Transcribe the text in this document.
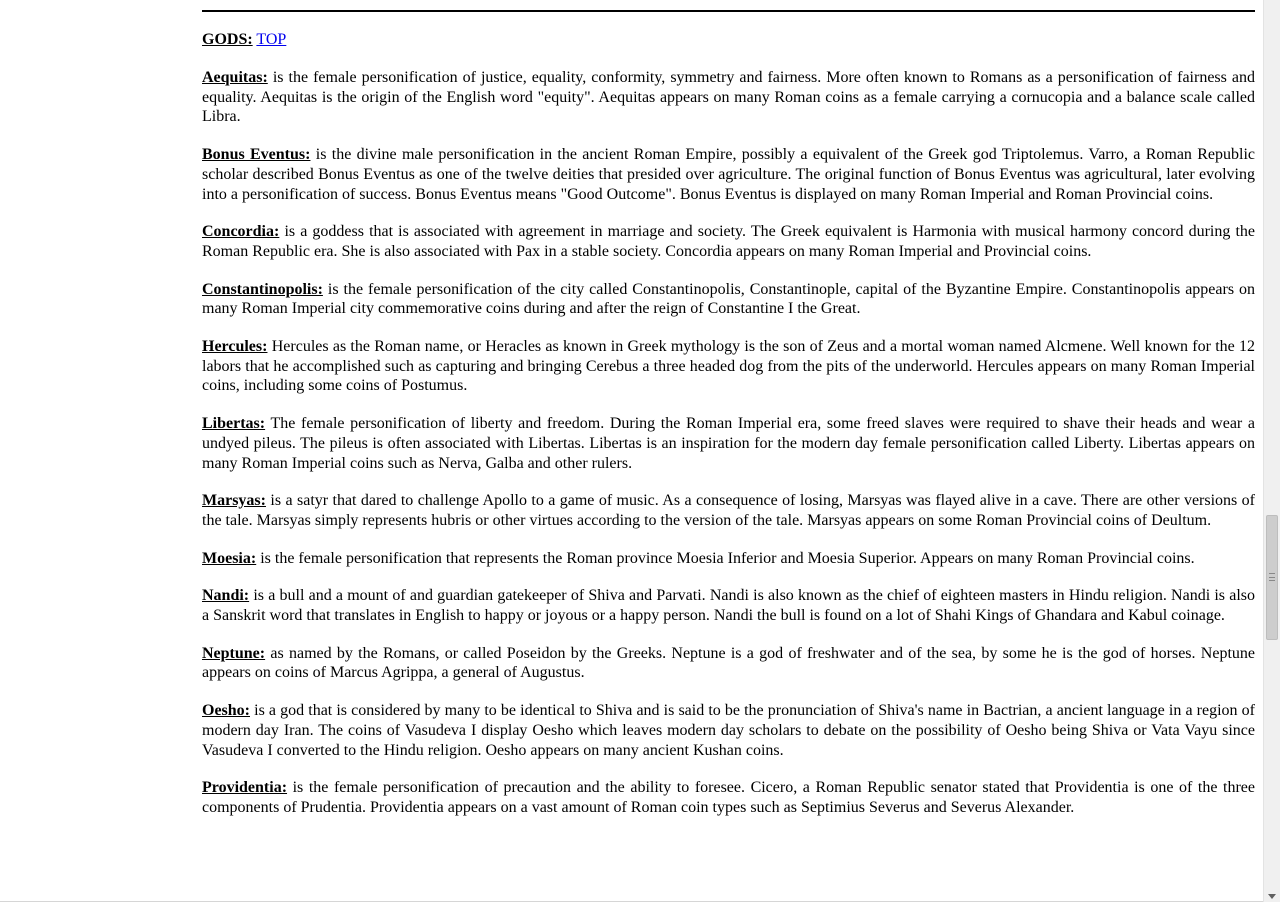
GODS: TOP

Aequitas: is the female personification of justice, equality, conformity, symmetry and fairness. More often known to Romans as a personification of fairness and equality. Aequitas is the origin of the English word "equity". Aequitas appears on many Roman coins as a female carrying a cornucopia and a balance scale called Libra.

Bonus Eventus: is the divine male personification in the ancient Roman Empire, possibly a equivalent of the Greek god Triptolemus. Varro, a Roman Republic scholar described Bonus Eventus as one of the twelve deities that presided over agriculture. The original function of Bonus Eventus was agricultural, later evolving into a personification of success. Bonus Eventus means "Good Outcome". Bonus Eventus is displayed on many Roman Imperial and Roman Provincial coins.

Concordia: is a goddess that is associated with agreement in marriage and society. The Greek equivalent is Harmonia with musical harmony concord during the Roman Republic era. She is also associated with Pax in a stable society. Concordia appears on many Roman Imperial and Provincial coins.

Constantinopolis: is the female personification of the city called Constantinopolis, Constantinople, capital of the Byzantine Empire. Constantinopolis appears on many Roman Imperial city commemorative coins during and after the reign of Constantine I the Great.

Hercules: Hercules as the Roman name, or Heracles as known in Greek mythology is the son of Zeus and a mortal woman named Alcmene. Well known for the 12 labors that he accomplished such as capturing and bringing Cerebus a three headed dog from the pits of the underworld. Hercules appears on many Roman Imperial coins, including some coins of Postumus.

Libertas: The female personification of liberty and freedom. During the Roman Imperial era, some freed slaves were required to shave their heads and wear a undyed pileus. The pileus is often associated with Libertas. Libertas is an inspiration for the modern day female personification called Liberty. Libertas appears on many Roman Imperial coins such as Nerva, Galba and other rulers.

Marsyas: is a satyr that dared to challenge Apollo to a game of music. As a consequence of losing, Marsyas was flayed alive in a cave. There are other versions of the tale. Marsyas simply represents hubris or other virtues according to the version of the tale. Marsyas appears on some Roman Provincial coins of Deultum.

Moesia: is the female personification that represents the Roman province Moesia Inferior and Moesia Superior. Appears on many Roman Provincial coins.

Nandi: is a bull and a mount of and guardian gatekeeper of Shiva and Parvati. Nandi is also known as the chief of eighteen masters in Hindu religion. Nandi is also a Sanskrit word that translates in English to happy or joyous or a happy person. Nandi the bull is found on a lot of Shahi Kings of Ghandara and Kabul coinage.

Neptune: as named by the Romans, or called Poseidon by the Greeks. Neptune is a god of freshwater and of the sea, by some he is the god of horses. Neptune appears on coins of Marcus Agrippa, a general of Augustus.

Oesho: is a god that is considered by many to be identical to Shiva and is said to be the pronunciation of Shiva's name in Bactrian, a ancient language in a region of modern day Iran. The coins of Vasudeva I display Oesho which leaves modern day scholars to debate on the possibility of Oesho being Shiva or Vata Vayu since Vasudeva I converted to the Hindu religion. Oesho appears on many ancient Kushan coins.

Providentia: is the female personification of precaution and the ability to foresee. Cicero, a Roman Republic senator stated that Providentia is one of the three components of Prudentia. Providentia appears on a vast amount of Roman coin types such as Septimius Severus and Severus Alexander.
